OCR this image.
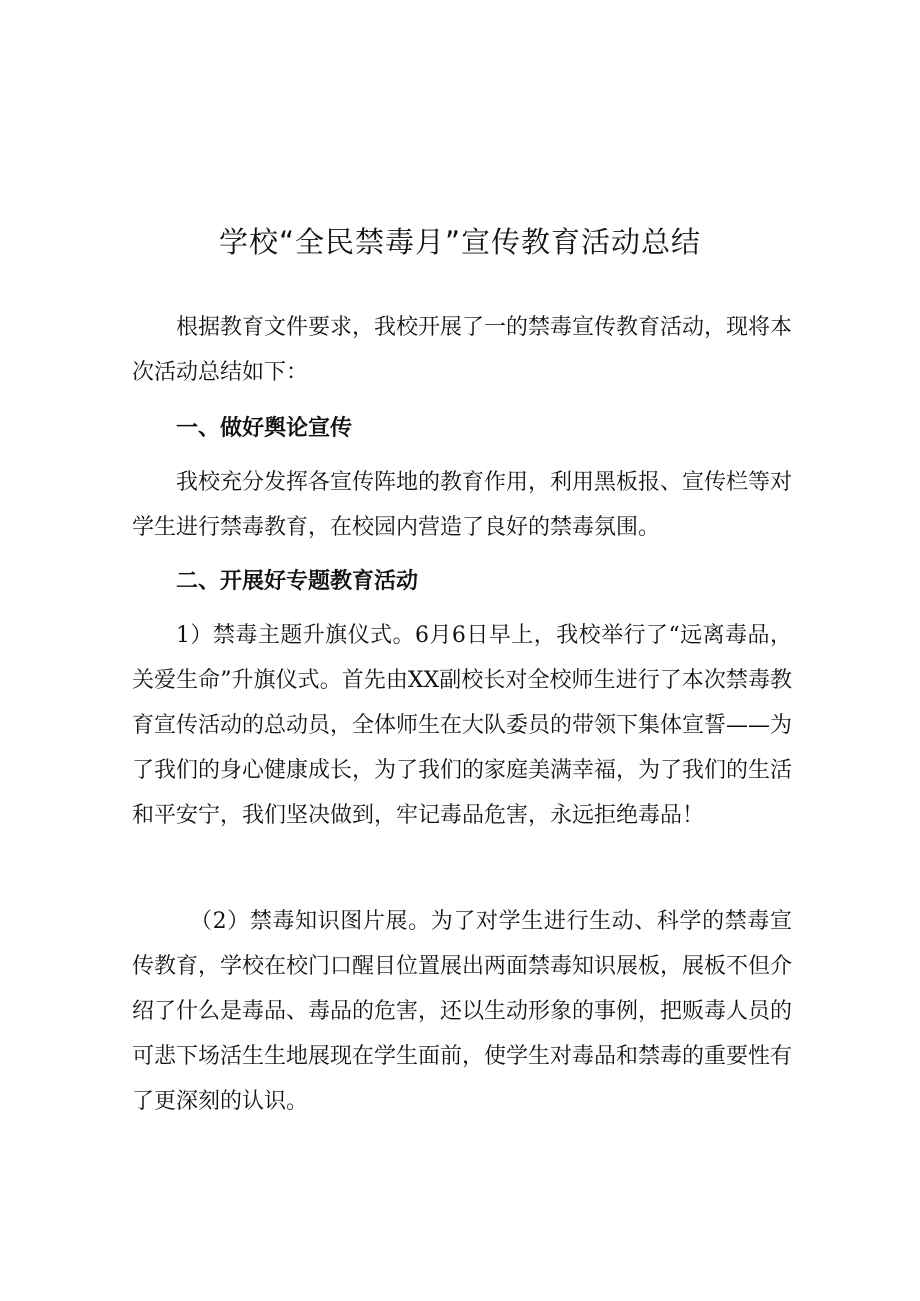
学校“全民禁毒月”宣传教育活动总结

根据教育文件要求，我校开展了一的禁毒宣传教育活动，现将本次活动总结如下：

一、做好舆论宣传

我校充分发挥各宣传阵地的教育作用，利用黑板报、宣传栏等对学生进行禁毒教育，在校园内营造了良好的禁毒氛围。

二、开展好专题教育活动

1）禁毒主题升旗仪式。6月6日早上，我校举行了“远离毒品，关爱生命”升旗仪式。首先由XX副校长对全校师生进行了本次禁毒教育宣传活动的总动员，全体师生在大队委员的带领下集体宣誓——为了我们的身心健康成长，为了我们的家庭美满幸福，为了我们的生活和平安宁，我们坚决做到，牢记毒品危害，永远拒绝毒品！

（2）禁毒知识图片展。为了对学生进行生动、科学的禁毒宣传教育，学校在校门口醒目位置展出两面禁毒知识展板，展板不但介绍了什么是毒品、毒品的危害，还以生动形象的事例，把贩毒人员的可悲下场活生生地展现在学生面前，使学生对毒品和禁毒的重要性有了更深刻的认识。
